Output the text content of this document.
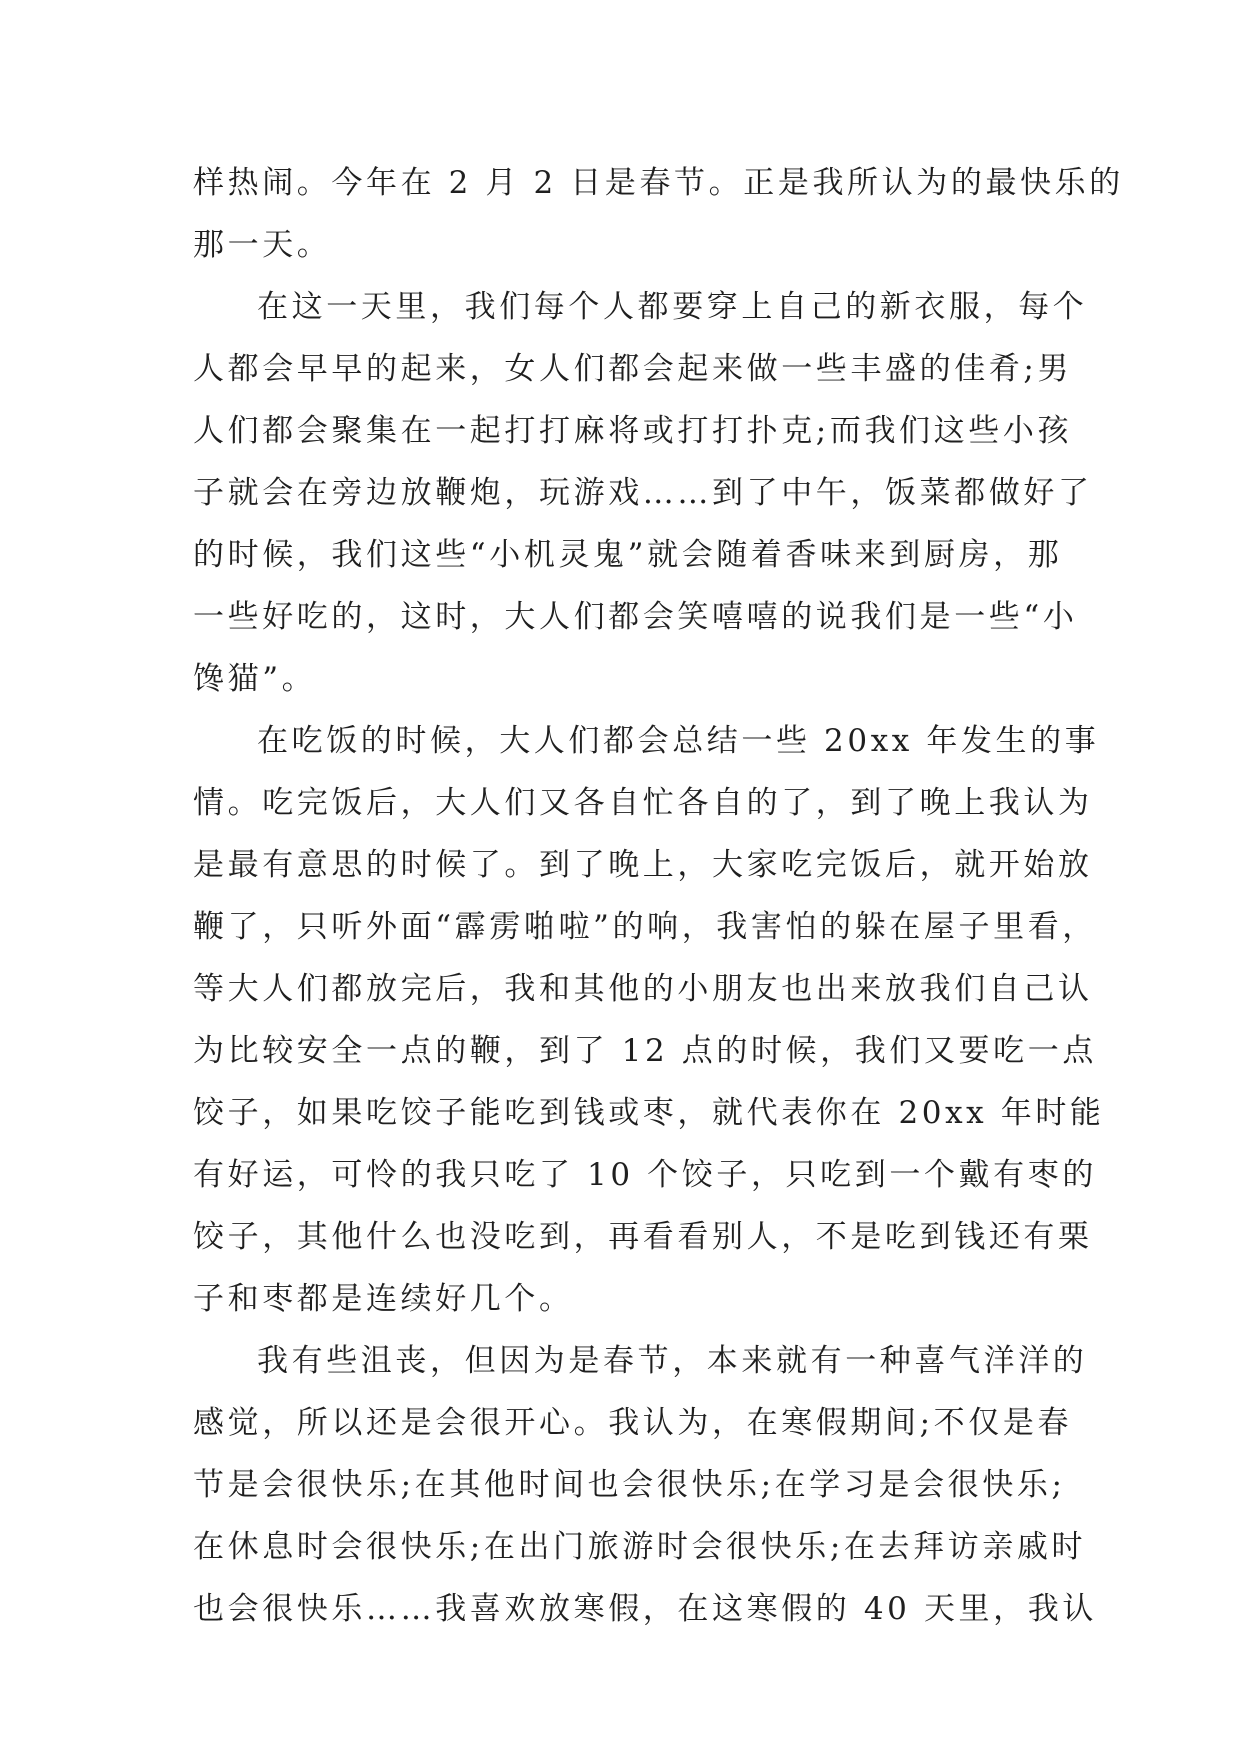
样热闹。今年在 2 月 2 日是春节。正是我所认为的最快乐的
那一天。
在这一天里，我们每个人都要穿上自己的新衣服，每个
人都会早早的起来，女人们都会起来做一些丰盛的佳肴;男
人们都会聚集在一起打打麻将或打打扑克;而我们这些小孩
子就会在旁边放鞭炮，玩游戏……到了中午，饭菜都做好了
的时候，我们这些“小机灵鬼”就会随着香味来到厨房，那
一些好吃的，这时，大人们都会笑嘻嘻的说我们是一些“小
馋猫”。
在吃饭的时候，大人们都会总结一些 20xx 年发生的事
情。吃完饭后，大人们又各自忙各自的了，到了晚上我认为
是最有意思的时候了。到了晚上，大家吃完饭后，就开始放
鞭了，只听外面“霹雳啪啦”的响，我害怕的躲在屋子里看，
等大人们都放完后，我和其他的小朋友也出来放我们自己认
为比较安全一点的鞭，到了 12 点的时候，我们又要吃一点
饺子，如果吃饺子能吃到钱或枣，就代表你在 20xx 年时能
有好运，可怜的我只吃了 10 个饺子，只吃到一个戴有枣的
饺子，其他什么也没吃到，再看看别人，不是吃到钱还有栗
子和枣都是连续好几个。
我有些沮丧，但因为是春节，本来就有一种喜气洋洋的
感觉，所以还是会很开心。我认为，在寒假期间;不仅是春
节是会很快乐;在其他时间也会很快乐;在学习是会很快乐;
在休息时会很快乐;在出门旅游时会很快乐;在去拜访亲戚时
也会很快乐……我喜欢放寒假，在这寒假的 40 天里，我认
